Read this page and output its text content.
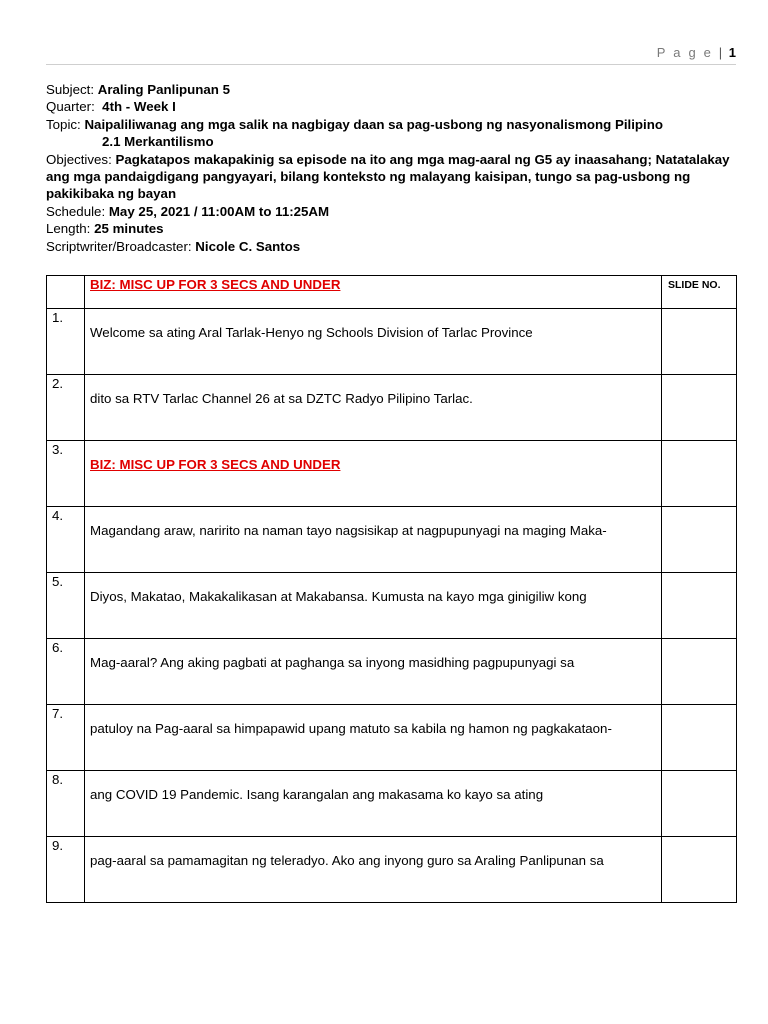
P a g e | 1
Subject: Araling Panlipunan 5
Quarter: 4th - Week I
Topic: Naipaliliwanag ang mga salik na nagbigay daan sa pag-usbong ng nasyonalismong Pilipino
2.1 Merkantilismo
Objectives: Pagkatapos makapakinig sa episode na ito ang mga mag-aaral ng G5 ay inaasahang; Natatalakay ang mga pandaigdigang pangyayari, bilang konteksto ng malayang kaisipan, tungo sa pag-usbong ng pakikibaka ng bayan
Schedule: May 25, 2021 / 11:00AM to 11:25AM
Length: 25 minutes
Scriptwriter/Broadcaster: Nicole C. Santos

	BIZ: MISC UP FOR 3 SECS AND UNDER	SLIDE NO.

1.	Welcome sa ating Aral Tarlak-Henyo ng Schools Division of Tarlac Province	

2.	dito sa RTV Tarlac Channel 26 at sa DZTC Radyo Pilipino Tarlac.	

3.	BIZ: MISC UP FOR 3 SECS AND UNDER	

4.	Magandang araw, naririto na naman tayo nagsisikap at nagpupunyagi na maging Maka-	

5.	Diyos, Makatao, Makakalikasan at Makabansa. Kumusta na kayo mga ginigiliw kong	

6.	Mag-aaral? Ang aking pagbati at paghanga sa inyong masidhing pagpupunyagi sa	

7.	patuloy na Pag-aaral sa himpapawid upang matuto sa kabila ng hamon ng pagkakataon-	

8.	ang COVID 19 Pandemic. Isang karangalan ang makasama ko kayo sa ating	

9.	pag-aaral sa pamamagitan ng teleradyo. Ako ang inyong guro sa Araling Panlipunan sa	
